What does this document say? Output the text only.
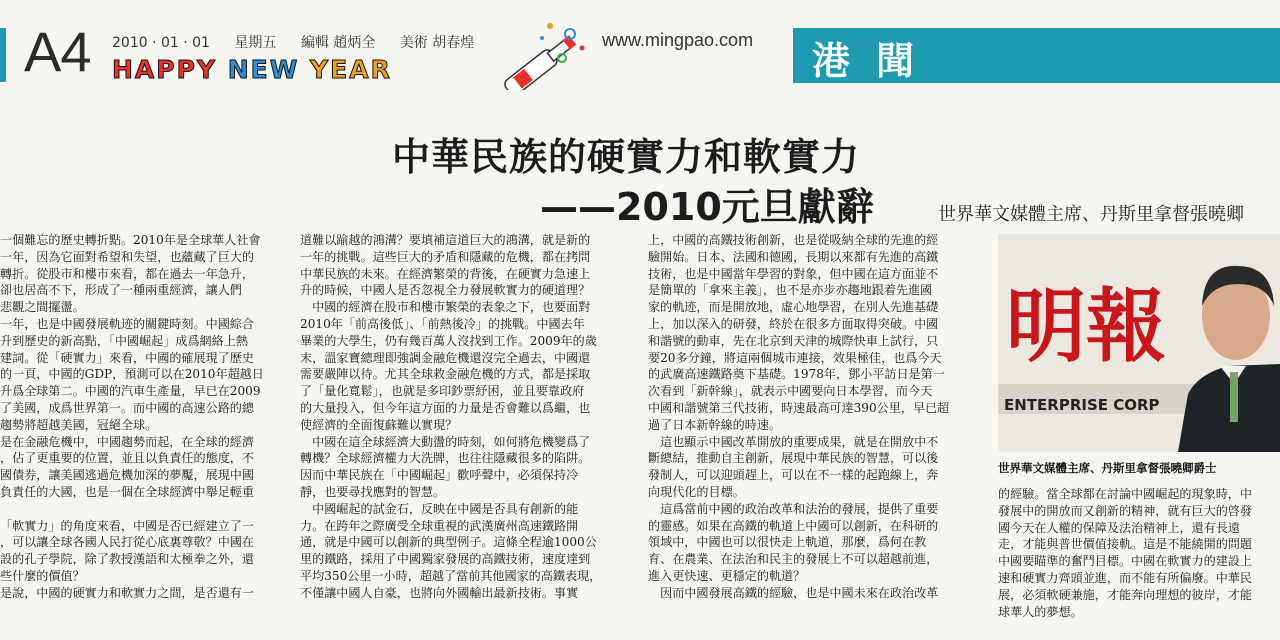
A4 2010 · 01 · 01 星期五 編輯 趙炳全 美術 胡春煌
HAPPY NEW YEAR
www.mingpao.com 港聞
中華民族的硬實力和軟實力
——2010元旦獻辭	世界華文媒體主席、丹斯里拿督張曉卿

一個難忘的歷史轉折點。2010年是全球華人社會

一年，因為它面對希望和失望，也蘊藏了巨大的

轉折。從股市和樓市來看，都在過去一年急升，

卻也居高不下，形成了一種兩重經濟，讓人們

悲觀之間擺盪。

一年，也是中國發展軌迹的關鍵時刻。中國綜合

升到歷史的新高點，「中國崛起」成爲網絡上熱

建詞。從「硬實力」來看，中國的確展現了歷史

的一頁，中國的GDP，預測可以在2010年超越日

升爲全球第二。中國的汽車生產量，早已在2009

了美國，成爲世界第一。而中國的高速公路的總

趨勢將超越美國，冠絕全球。

是在金融危機中，中國趨勢而起，在全球的經濟

，佔了更重要的位置，並且以負責任的態度，不

國債券，讓美國逃過危機加深的夢魘，展現中國

負責任的大國，也是一個在全球經濟中舉足輕重

「軟實力」的角度來看，中國是否已經建立了一

，可以讓全球各國人民打從心底裏尊敬？中國在

設的孔子學院，除了教授漢語和太極拳之外，還

些什麼的價值？

是說，中國的硬實力和軟實力之間，是否還有一

道難以踰越的鴻溝？要填補這道巨大的鴻溝，就是新的

一年的挑戰。這些巨大的矛盾和隱藏的危機，都在拷問

中華民族的未來。在經濟繁榮的背後，在硬實力急速上

升的時候，中國人是否忽視全力發展軟實力的硬道理？

　中國的經濟在股市和樓市繁榮的表象之下，也要面對

2010年「前高後低」、「前熱後冷」的挑戰。中國去年

畢業的大學生，仍有幾百萬人沒找到工作。2009年的歲

末，溫家寶總理即強調金融危機還沒完全過去，中國還

需要嚴陣以待。尤其全球救金融危機的方式，都是採取

了「量化寬鬆」，也就是多印鈔票紓困，並且要靠政府

的大量投入，但今年這方面的力量是否會難以爲繼，也

使經濟的全面復蘇難以實現？

　中國在這全球經濟大動盪的時刻，如何將危機變爲了

轉機？全球經濟權力大洗牌，也往往隱藏很多的陷阱。

因而中華民族在「中國崛起」歡呼聲中，必須保持冷

靜，也要尋找應對的智慧。

　中國崛起的試金石，反映在中國是否具有創新的能

力。在跨年之際廣受全球重視的武漢廣州高速鐵路開

通，就是中國可以創新的典型例子。這條全程逾1000公

里的鐵路，採用了中國獨家發展的高鐵技術，速度達到

平均350公里一小時，超越了當前其他國家的高鐵表現，

不僅讓中國人自豪，也將向外國輸出最新技術。事實

上，中國的高鐵技術創新，也是從吸納全球的先進的經

驗開始。日本、法國和德國，長期以來都有先進的高鐵

技術，也是中國當年學習的對象，但中國在這方面並不

是簡單的「拿來主義」，也不是亦步亦趨地跟着先進國

家的軌迹，而是開放地，虛心地學習，在別人先進基礎

上，加以深入的研發，終於在很多方面取得突破。中國

和諧號的動車，先在北京到天津的城際快車上試行，只

要20多分鐘，將這兩個城市連接，效果極佳，也爲今天

的武廣高速鐵路奠下基礎。1978年，鄧小平訪日是第一

次看到「新幹線」，就表示中國要向日本學習，而今天

中國和諧號第三代技術，時速最高可達390公里，早已超

過了日本新幹線的時速。

　這也顯示中國改革開放的重要成果，就是在開放中不

斷總結，推動自主創新，展現中華民族的智慧，可以後

發制人，可以迎頭趕上，可以在不一樣的起跑線上，奔

向現代化的目標。

　這爲當前中國的政治改革和法治的發展，提供了重要

的靈感。如果在高鐵的軌道上中國可以創新，在科研的

領域中，中國也可以很快走上軌道，那麼，爲何在教

育、在農業、在法治和民主的發展上不可以超越前進，

進入更快速、更穩定的軌道？

　因而中國發展高鐵的經驗，也是中國未來在政治改革

明報
ENTERPRISE CORP
世界華文媒體主席、丹斯里拿督張曉卿爵士

的經驗。當全球都在討論中國崛起的現象時，中

發展中的開放而又創新的精神，就有巨大的啓發

國今天在人權的保障及法治精神上，還有長遠

走，才能與普世價值接軌。這是不能繞開的問題

中國要瞄準的奮鬥目標。中國在軟實力的建設上

速和硬實力齊頭並進，而不能有所偏廢。中華民

展，必須軟硬兼施，才能奔向理想的彼岸，才能

球華人的夢想。
